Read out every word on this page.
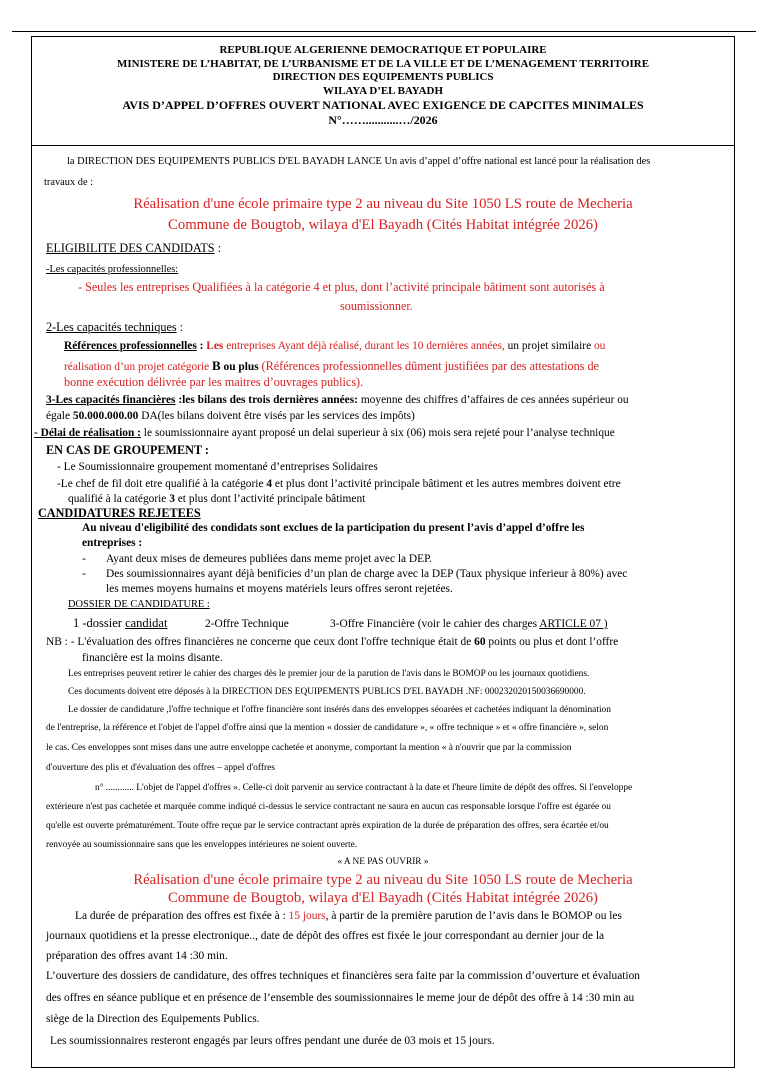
REPUBLIQUE ALGERIENNE DEMOCRATIQUE ET POPULAIRE
MINISTERE DE L’HABITAT, DE L’URBANISME ET DE LA VILLE ET DE L’MENAGEMENT TERRITOIRE
DIRECTION DES EQUIPEMENTS PUBLICS
WILAYA D’EL BAYADH
AVIS D’APPEL D’OFFRES OUVERT NATIONAL AVEC EXIGENCE DE CAPCITES MINIMALES
N°……...........…/2026
la DIRECTION DES EQUIPEMENTS PUBLICS D'EL BAYADH LANCE Un avis d’appel d’offre national est lancé pour la réalisation des
travaux de :
Réalisation d'une école primaire type 2 au niveau du Site 1050 LS route de Mecheria
Commune de Bougtob, wilaya d'El Bayadh (Cités Habitat intégrée 2026)
ELIGIBILITE DES CANDIDATS :
-Les capacités professionnelles:
- Seules les entreprises Qualifiées à la catégorie 4 et plus, dont l’activité principale bâtiment sont autorisés à
soumissionner.
2-Les capacités techniques :
Références professionnelles : Les entreprises Ayant déjà réalisé, durant les 10 dernières années, un projet similaire ou
réalisation d’un projet catégorie B ou plus (Références professionnelles dûment justifiées par des attestations de
bonne exécution délivrée par les maitres d’ouvrages publics).
3-Les capacités financières :les bilans des trois dernières années: moyenne des chiffres d’affaires de ces années supérieur ou
égale 50.000.000.00 DA(les bilans doivent être visés par les services des impôts)
- Délai de réalisation : le soumissionnaire ayant proposé un delai superieur à six (06) mois sera rejeté pour l’analyse technique
EN CAS DE GROUPEMENT :
- Le Soumissionnaire groupement momentané d’entreprises Solidaires
-Le chef de fil doit etre qualifié à la catégorie 4 et plus dont l’activité principale bâtiment et les autres membres doivent etre
qualifié à la catégorie 3 et plus dont l’activité principale bâtiment
CANDIDATURES REJETEES
Au niveau d'eligibilité des condidats sont exclues de la participation du present l’avis d’appel d’offre les
entreprises :
- Ayant deux mises de demeures publiées dans meme projet avec la DEP.
- Des soumissionnaires ayant déjà benificies d’un plan de charge avec la DEP (Taux physique inferieur à 80%) avec
les memes moyens humains et moyens matériels leurs offres seront rejetées.
DOSSIER DE CANDIDATURE :
1 -dossier candidat	2-Offre Technique	3-Offre Financière (voir le cahier des charges ARTICLE 07 )
NB : - L'évaluation des offres financières ne concerne que ceux dont l'offre technique était de 60 points ou plus et dont l’offre
financière est la moins disante.
Les entreprises peuvent retirer le cahier des charges dès le premier jour de la parution de l'avis dans le BOMOP ou les journaux quotidiens.
Ces documents doivent etre déposés à la DIRECTION DES EQUIPEMENTS PUBLICS D'EL BAYADH .NF: 000232020150036690000.
Le dossier de candidature ,l'offre technique et l'offre financière sont insérés dans des enveloppes séoarées et cachetées indiquant la dénomination
de l'entreprise, la référence et l'objet de l'appel d'offre ainsi que la mention « dossier de candidature », « offre technique » et « offre financière », selon
le cas. Ces enveloppes sont mises dans une autre enveloppe cachetée et anonyme, comportant la mention « à n'ouvrir que par la commission
d'ouverture des plis et d'évaluation des offres – appel d'offres
n° ............ L'objet de l'appel d'offres ». Celle-ci doit parvenir au service contractant à la date et l'heure limite de dépôt des offres. Si l'enveloppe
extérieure n'est pas cachetée et marquée comme indiqué ci-dessus le service contractant ne saura en aucun cas responsable lorsque l'offre est égarée ou
qu'elle est ouverte prématurément. Toute offre reçue par le service contractant après expiration de la durée de préparation des offres, sera écartée et/ou
renvoyée au soumissionnaire sans que les enveloppes intérieures ne soient ouverte.
« A NE PAS OUVRIR »
Réalisation d'une école primaire type 2 au niveau du Site 1050 LS route de Mecheria
Commune de Bougtob, wilaya d'El Bayadh (Cités Habitat intégrée 2026)
La durée de préparation des offres est fixée à : 15 jours, à partir de la première parution de l’avis dans le BOMOP ou les
journaux quotidiens et la presse electronique.., date de dépôt des offres est fixée le jour correspondant au dernier jour de la
préparation des offres avant 14 :30 min.
L’ouverture des dossiers de candidature, des offres techniques et financières sera faite par la commission d’ouverture et évaluation
des offres en séance publique et en présence de l’ensemble des soumissionnaires le meme jour de dépôt des offre à 14 :30 min au
siège de la Direction des Equipements Publics.
Les soumissionnaires resteront engagés par leurs offres pendant une durée de 03 mois et 15 jours.
